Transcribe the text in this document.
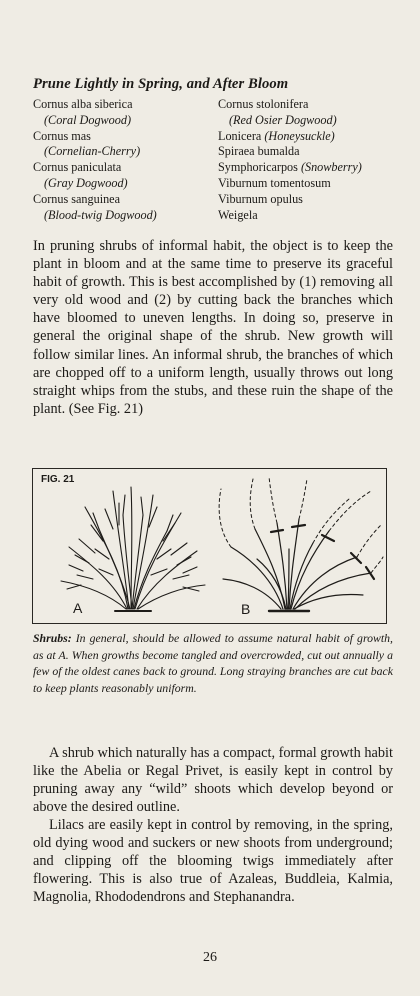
Prune Lightly in Spring, and After Bloom
Cornus alba siberica
(Coral Dogwood)
Cornus mas
(Cornelian-Cherry)
Cornus paniculata
(Gray Dogwood)
Cornus sanguinea
(Blood-twig Dogwood)
Cornus stolonifera
(Red Osier Dogwood)
Lonicera (Honeysuckle)
Spiraea bumalda
Symphoricarpos (Snowberry)
Viburnum tomentosum
Viburnum opulus
Weigela

In pruning shrubs of informal habit, the object is to keep the plant in bloom and at the same time to preserve its graceful habit of growth. This is best accomplished by (1) removing all very old wood and (2) by cutting back the branches which have bloomed to uneven lengths. In doing so, preserve in general the original shape of the shrub. New growth will follow similar lines. An informal shrub, the branches of which are chopped off to a uniform length, usually throws out long straight whips from the stubs, and these ruin the shape of the plant. (See Fig. 21)

FIG. 21
A	B

Shrubs: In general, should be allowed to assume natural habit of growth, as at A. When growths become tangled and overcrowded, cut out annually a few of the oldest canes back to ground. Long straying branches are cut back to keep plants reasonably uniform.

A shrub which naturally has a compact, formal growth habit like the Abelia or Regal Privet, is easily kept in control by pruning away any “wild” shoots which develop beyond or above the desired outline.

Lilacs are easily kept in control by removing, in the spring, old dying wood and suckers or new shoots from underground; and clipping off the blooming twigs immediately after flowering. This is also true of Azaleas, Buddleia, Kalmia, Magnolia, Rhododendrons and Stephanandra.

26
